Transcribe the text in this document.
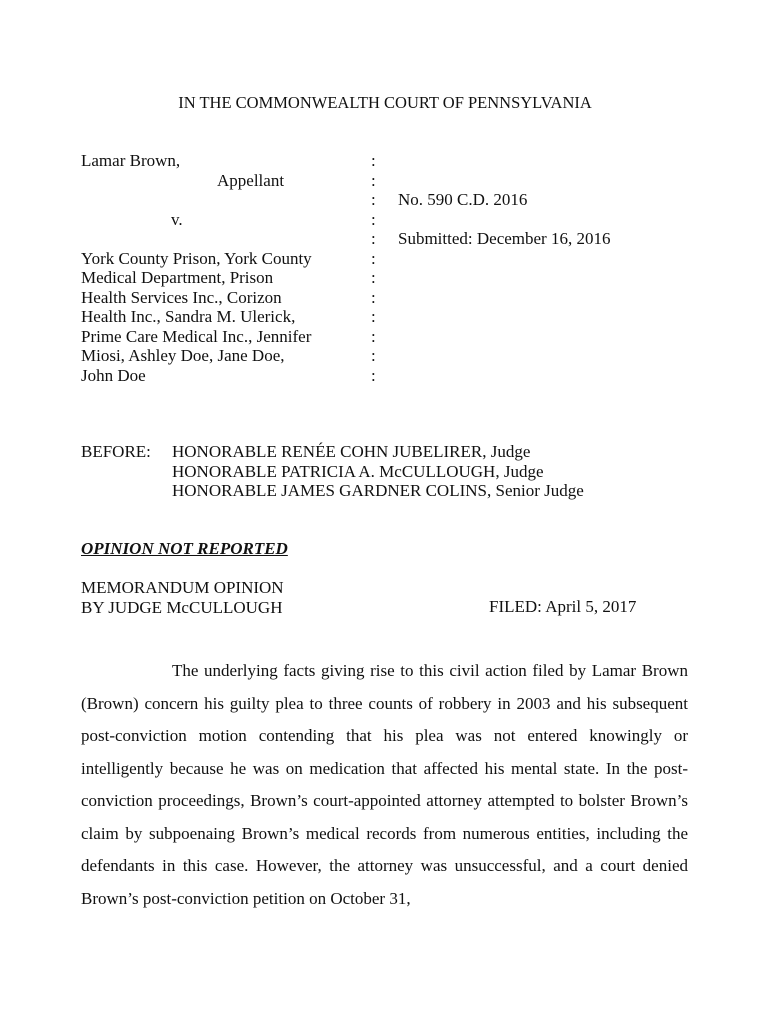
IN THE COMMONWEALTH COURT OF PENNSYLVANIA
Lamar Brown,
Appellant
v.
York County Prison, York County
Medical Department, Prison
Health Services Inc., Corizon
Health Inc., Sandra M. Ulerick,
Prime Care Medical Inc., Jennifer
Miosi, Ashley Doe, Jane Doe,
John Doe
:
:
:
:
:
:
:
:
:
:
:
:
No. 590 C.D. 2016
Submitted: December 16, 2016
BEFORE: HONORABLE RENÉE COHN JUBELIRER, Judge
HONORABLE PATRICIA A. McCULLOUGH, Judge
HONORABLE JAMES GARDNER COLINS, Senior Judge
OPINION NOT REPORTED
MEMORANDUM OPINION
BY JUDGE McCULLOUGH	FILED: April 5, 2017

The underlying facts giving rise to this civil action filed by Lamar Brown (Brown) concern his guilty plea to three counts of robbery in 2003 and his subsequent post-conviction motion contending that his plea was not entered knowingly or intelligently because he was on medication that affected his mental state. In the post-conviction proceedings, Brown’s court-appointed attorney attempted to bolster Brown’s claim by subpoenaing Brown’s medical records from numerous entities, including the defendants in this case. However, the attorney was unsuccessful, and a court denied Brown’s post-conviction petition on October 31,
